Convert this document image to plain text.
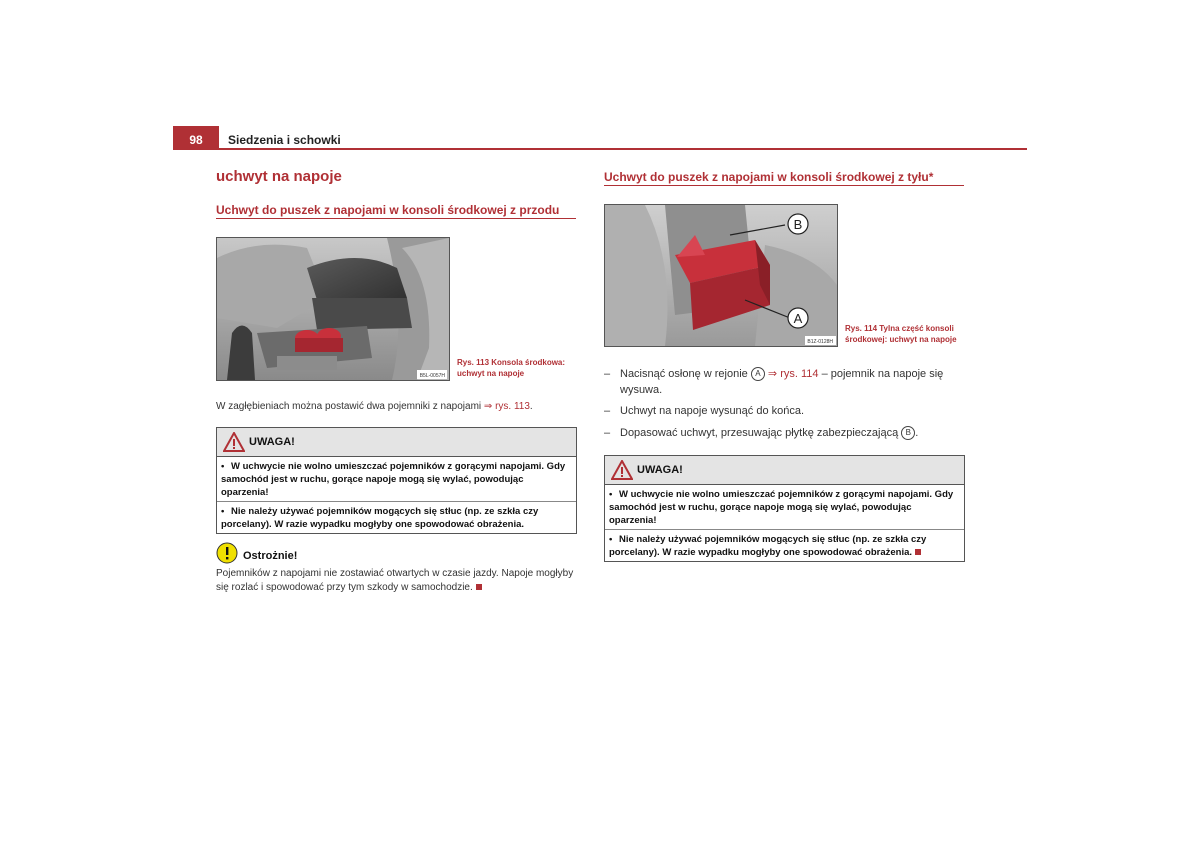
98	Siedzenia i schowki
uchwyt na napoje
Uchwyt do puszek z napojami w konsoli środkowej z przodu
B5L-0057H
Rys. 113 Konsola środkowa:
uchwyt na napoje
W zagłębieniach można postawić dwa pojemniki z napojami ⇒ rys. 113.
UWAGA!
• W uchwycie nie wolno umieszczać pojemników z gorącymi napojami. Gdy samochód jest w ruchu, gorące napoje mogą się wylać, powodując oparzenia!
• Nie należy używać pojemników mogących się stłuc (np. ze szkła czy porcelany). W razie wypadku mogłyby one spowodować obrażenia.
Ostrożnie!
Pojemników z napojami nie zostawiać otwartych w czasie jazdy. Napoje mogłyby się rozlać i spowodować przy tym szkody w samochodzie.
Uchwyt do puszek z napojami w konsoli środkowej z tyłu*
B
A
B1Z-0128H
Rys. 114 Tylna część konsoli
środkowej: uchwyt na napoje
– Nacisnąć osłonę w rejonie A ⇒ rys. 114 – pojemnik na napoje się wysuwa.
– Uchwyt na napoje wysunąć do końca.
– Dopasować uchwyt, przesuwając płytkę zabezpieczającą B .
UWAGA!
• W uchwycie nie wolno umieszczać pojemników z gorącymi napojami. Gdy samochód jest w ruchu, gorące napoje mogą się wylać, powodując oparzenia!
• Nie należy używać pojemników mogących się stłuc (np. ze szkła czy porcelany). W razie wypadku mogłyby one spowodować obrażenia.
